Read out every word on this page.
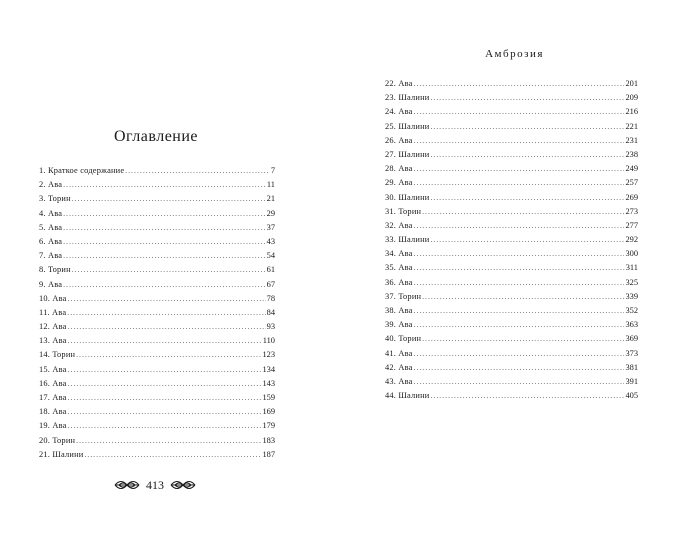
Оглавление
1. Краткое содержание .....	7
2. Ава .....	11
3. Торин .....	21
4. Ава .....	29
5. Ава .....	37
6. Ава .....	43
7. Ава .....	54
8. Торин .....	61
9. Ава .....	67
10. Ава .....	78
11. Ава .....	84
12. Ава .....	93
13. Ава .....	110
14. Торин .....	123
15. Ава .....	134
16. Ава .....	143
17. Ава .....	159
18. Ава .....	169
19. Ава .....	179
20. Торин .....	183
21. Шалини .....	187
413
Амброзия
22. Ава .....	201
23. Шалини .....	209
24. Ава .....	216
25. Шалини .....	221
26. Ава .....	231
27. Шалини .....	238
28. Ава .....	249
29. Ава .....	257
30. Шалини .....	269
31. Торин .....	273
32. Ава .....	277
33. Шалини .....	292
34. Ава .....	300
35. Ава .....	311
36. Ава .....	325
37. Торин .....	339
38. Ава .....	352
39. Ава .....	363
40. Торин .....	369
41. Ава .....	373
42. Ава .....	381
43. Ава .....	391
44. Шалини .....	405
